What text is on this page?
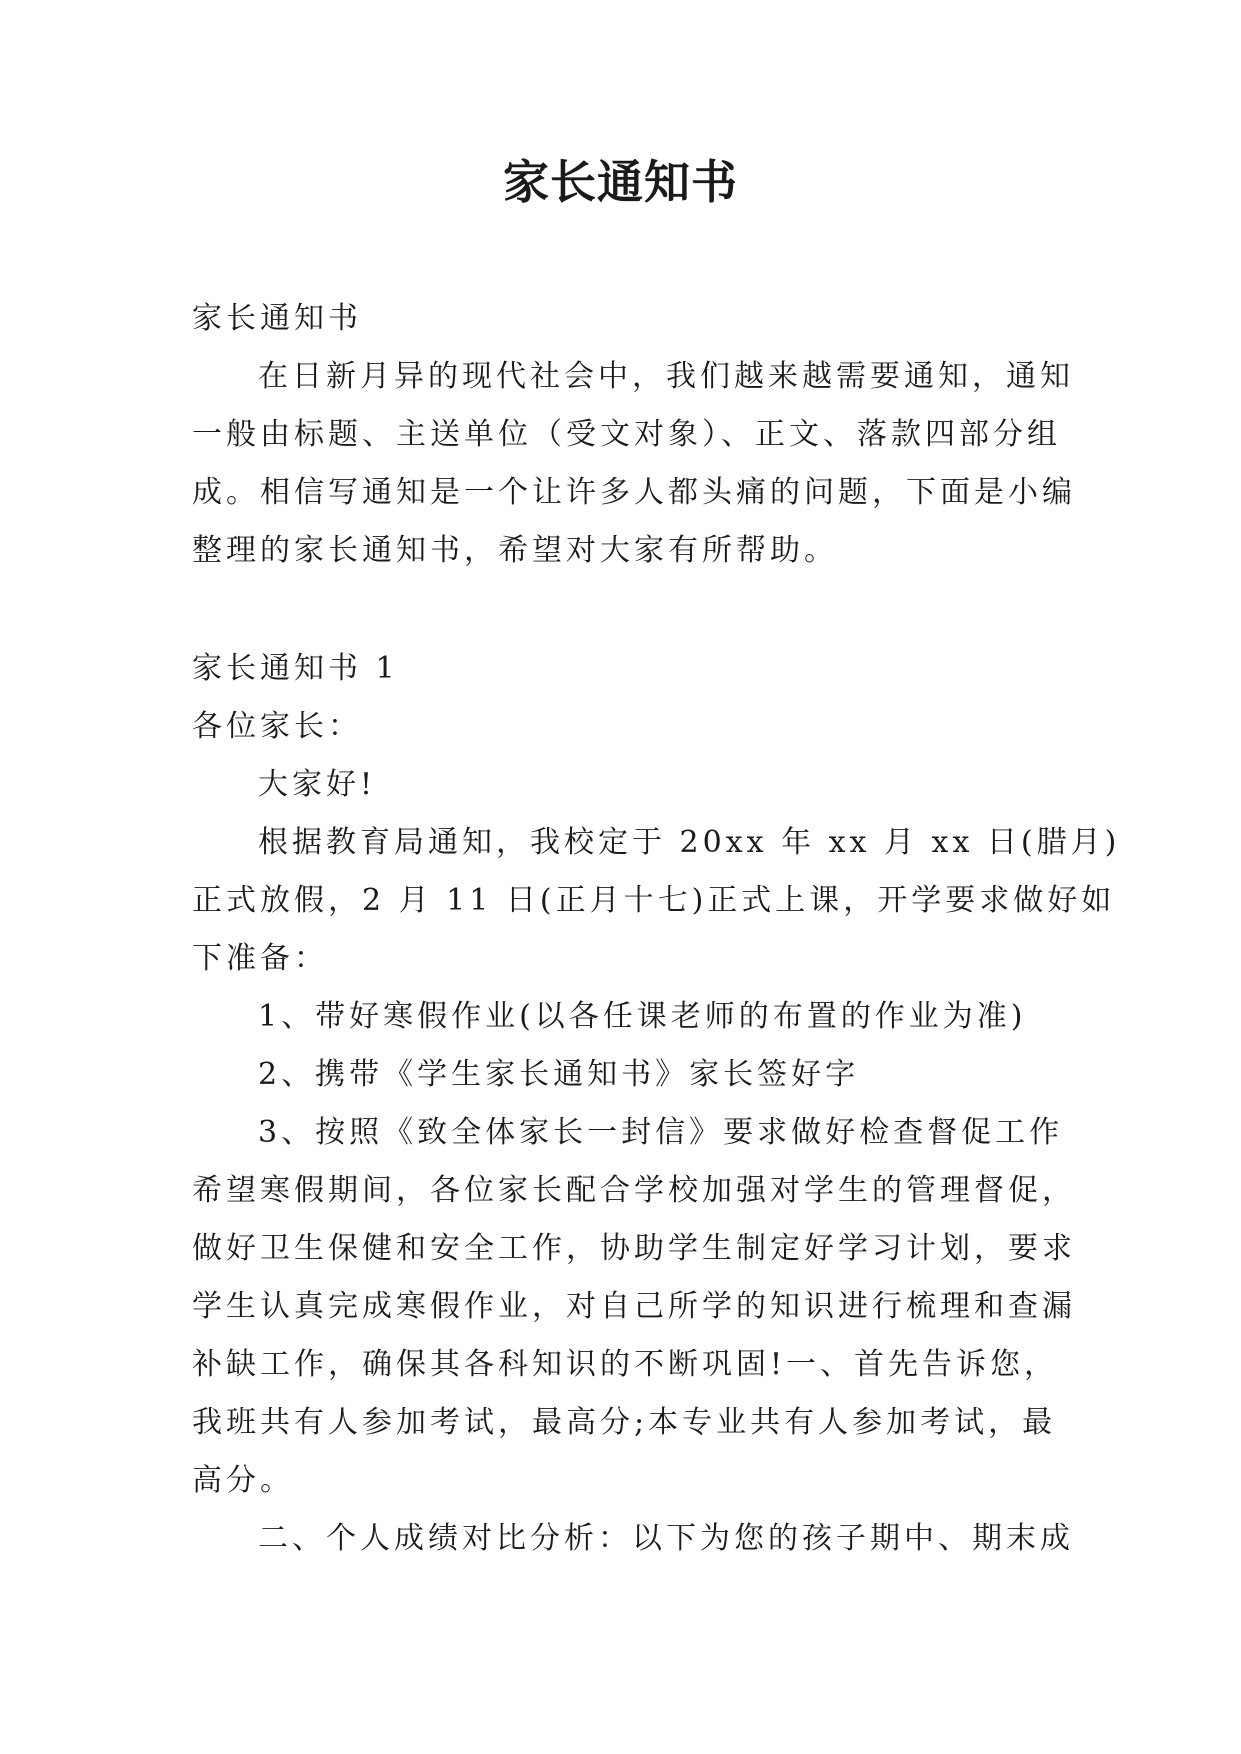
家长通知书
家长通知书
在日新月异的现代社会中，我们越来越需要通知，通知
一般由标题、主送单位（受文对象）、正文、落款四部分组
成。相信写通知是一个让许多人都头痛的问题，下面是小编
整理的家长通知书，希望对大家有所帮助。
家长通知书 1
各位家长：
大家好!
根据教育局通知，我校定于 20xx 年 xx 月 xx 日(腊月)
正式放假，2 月 11 日(正月十七)正式上课，开学要求做好如
下准备：
1、带好寒假作业(以各任课老师的布置的作业为准)
2、携带《学生家长通知书》家长签好字
3、按照《致全体家长一封信》要求做好检查督促工作
希望寒假期间，各位家长配合学校加强对学生的管理督促，
做好卫生保健和安全工作，协助学生制定好学习计划，要求
学生认真完成寒假作业，对自己所学的知识进行梳理和查漏
补缺工作，确保其各科知识的不断巩固!一、首先告诉您，
我班共有人参加考试，最高分;本专业共有人参加考试，最
高分。
二、个人成绩对比分析：以下为您的孩子期中、期末成
